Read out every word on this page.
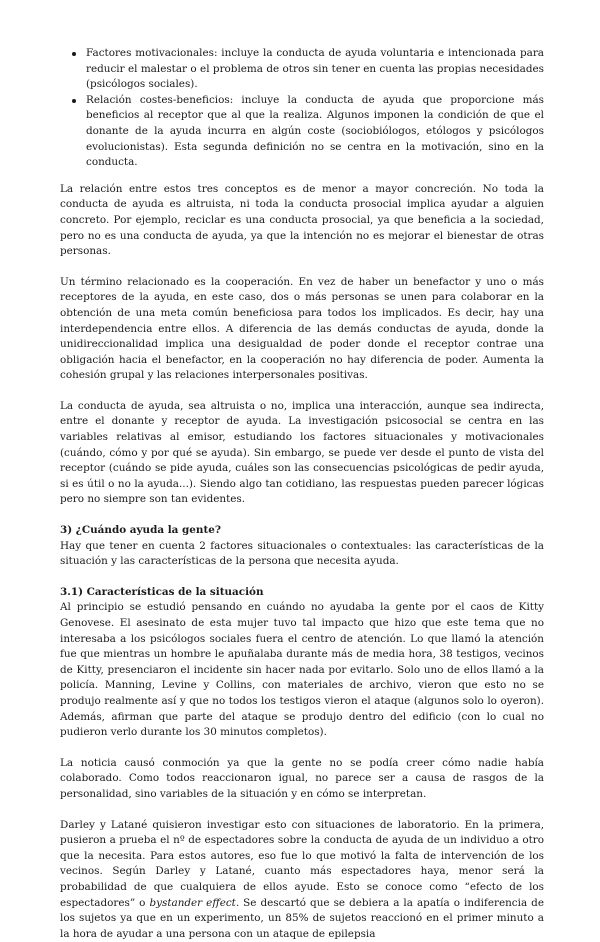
Factores motivacionales: incluye la conducta de ayuda voluntaria e intencionada para reducir el malestar o el problema de otros sin tener en cuenta las propias necesidades (psicólogos sociales).
Relación costes-beneficios: incluye la conducta de ayuda que proporcione más beneficios al receptor que al que la realiza. Algunos imponen la condición de que el donante de la ayuda incurra en algún coste (sociobiólogos, etólogos y psicólogos evolucionistas). Esta segunda definición no se centra en la motivación, sino en la conducta.

La relación entre estos tres conceptos es de menor a mayor concreción. No toda la conducta de ayuda es altruista, ni toda la conducta prosocial implica ayudar a alguien concreto. Por ejemplo, reciclar es una conducta prosocial, ya que beneficia a la sociedad, pero no es una conducta de ayuda, ya que la intención no es mejorar el bienestar de otras personas.

Un término relacionado es la cooperación. En vez de haber un benefactor y uno o más receptores de la ayuda, en este caso, dos o más personas se unen para colaborar en la obtención de una meta común beneficiosa para todos los implicados. Es decir, hay una interdependencia entre ellos. A diferencia de las demás conductas de ayuda, donde la unidireccionalidad implica una desigualdad de poder donde el receptor contrae una obligación hacia el benefactor, en la cooperación no hay diferencia de poder. Aumenta la cohesión grupal y las relaciones interpersonales positivas.

La conducta de ayuda, sea altruista o no, implica una interacción, aunque sea indirecta, entre el donante y receptor de ayuda. La investigación psicosocial se centra en las variables relativas al emisor, estudiando los factores situacionales y motivacionales (cuándo, cómo y por qué se ayuda). Sin embargo, se puede ver desde el punto de vista del receptor (cuándo se pide ayuda, cuáles son las consecuencias psicológicas de pedir ayuda, si es útil o no la ayuda...). Siendo algo tan cotidiano, las respuestas pueden parecer lógicas pero no siempre son tan evidentes.

3) ¿Cuándo ayuda la gente?

Hay que tener en cuenta 2 factores situacionales o contextuales: las características de la situación y las características de la persona que necesita ayuda.

3.1) Características de la situación

Al principio se estudió pensando en cuándo no ayudaba la gente por el caos de Kitty Genovese. El asesinato de esta mujer tuvo tal impacto que hizo que este tema que no interesaba a los psicólogos sociales fuera el centro de atención. Lo que llamó la atención fue que mientras un hombre le apuñalaba durante más de media hora, 38 testigos, vecinos de Kitty, presenciaron el incidente sin hacer nada por evitarlo. Solo uno de ellos llamó a la policía. Manning, Levine y Collins, con materiales de archivo, vieron que esto no se produjo realmente así y que no todos los testigos vieron el ataque (algunos solo lo oyeron). Además, afirman que parte del ataque se produjo dentro del edificio (con lo cual no pudieron verlo durante los 30 minutos completos).

La noticia causó conmoción ya que la gente no se podía creer cómo nadie había colaborado. Como todos reaccionaron igual, no parece ser a causa de rasgos de la personalidad, sino variables de la situación y en cómo se interpretan.

Darley y Latané quisieron investigar esto con situaciones de laboratorio. En la primera, pusieron a prueba el nº de espectadores sobre la conducta de ayuda de un individuo a otro que la necesita. Para estos autores, eso fue lo que motivó la falta de intervención de los vecinos. Según Darley y Latané, cuanto más espectadores haya, menor será la probabilidad de que cualquiera de ellos ayude. Esto se conoce como “efecto de los espectadores” o bystander effect. Se descartó que se debiera a la apatía o indiferencia de los sujetos ya que en un experimento, un 85% de sujetos reaccionó en el primer minuto a la hora de ayudar a una persona con un ataque de epilepsia
